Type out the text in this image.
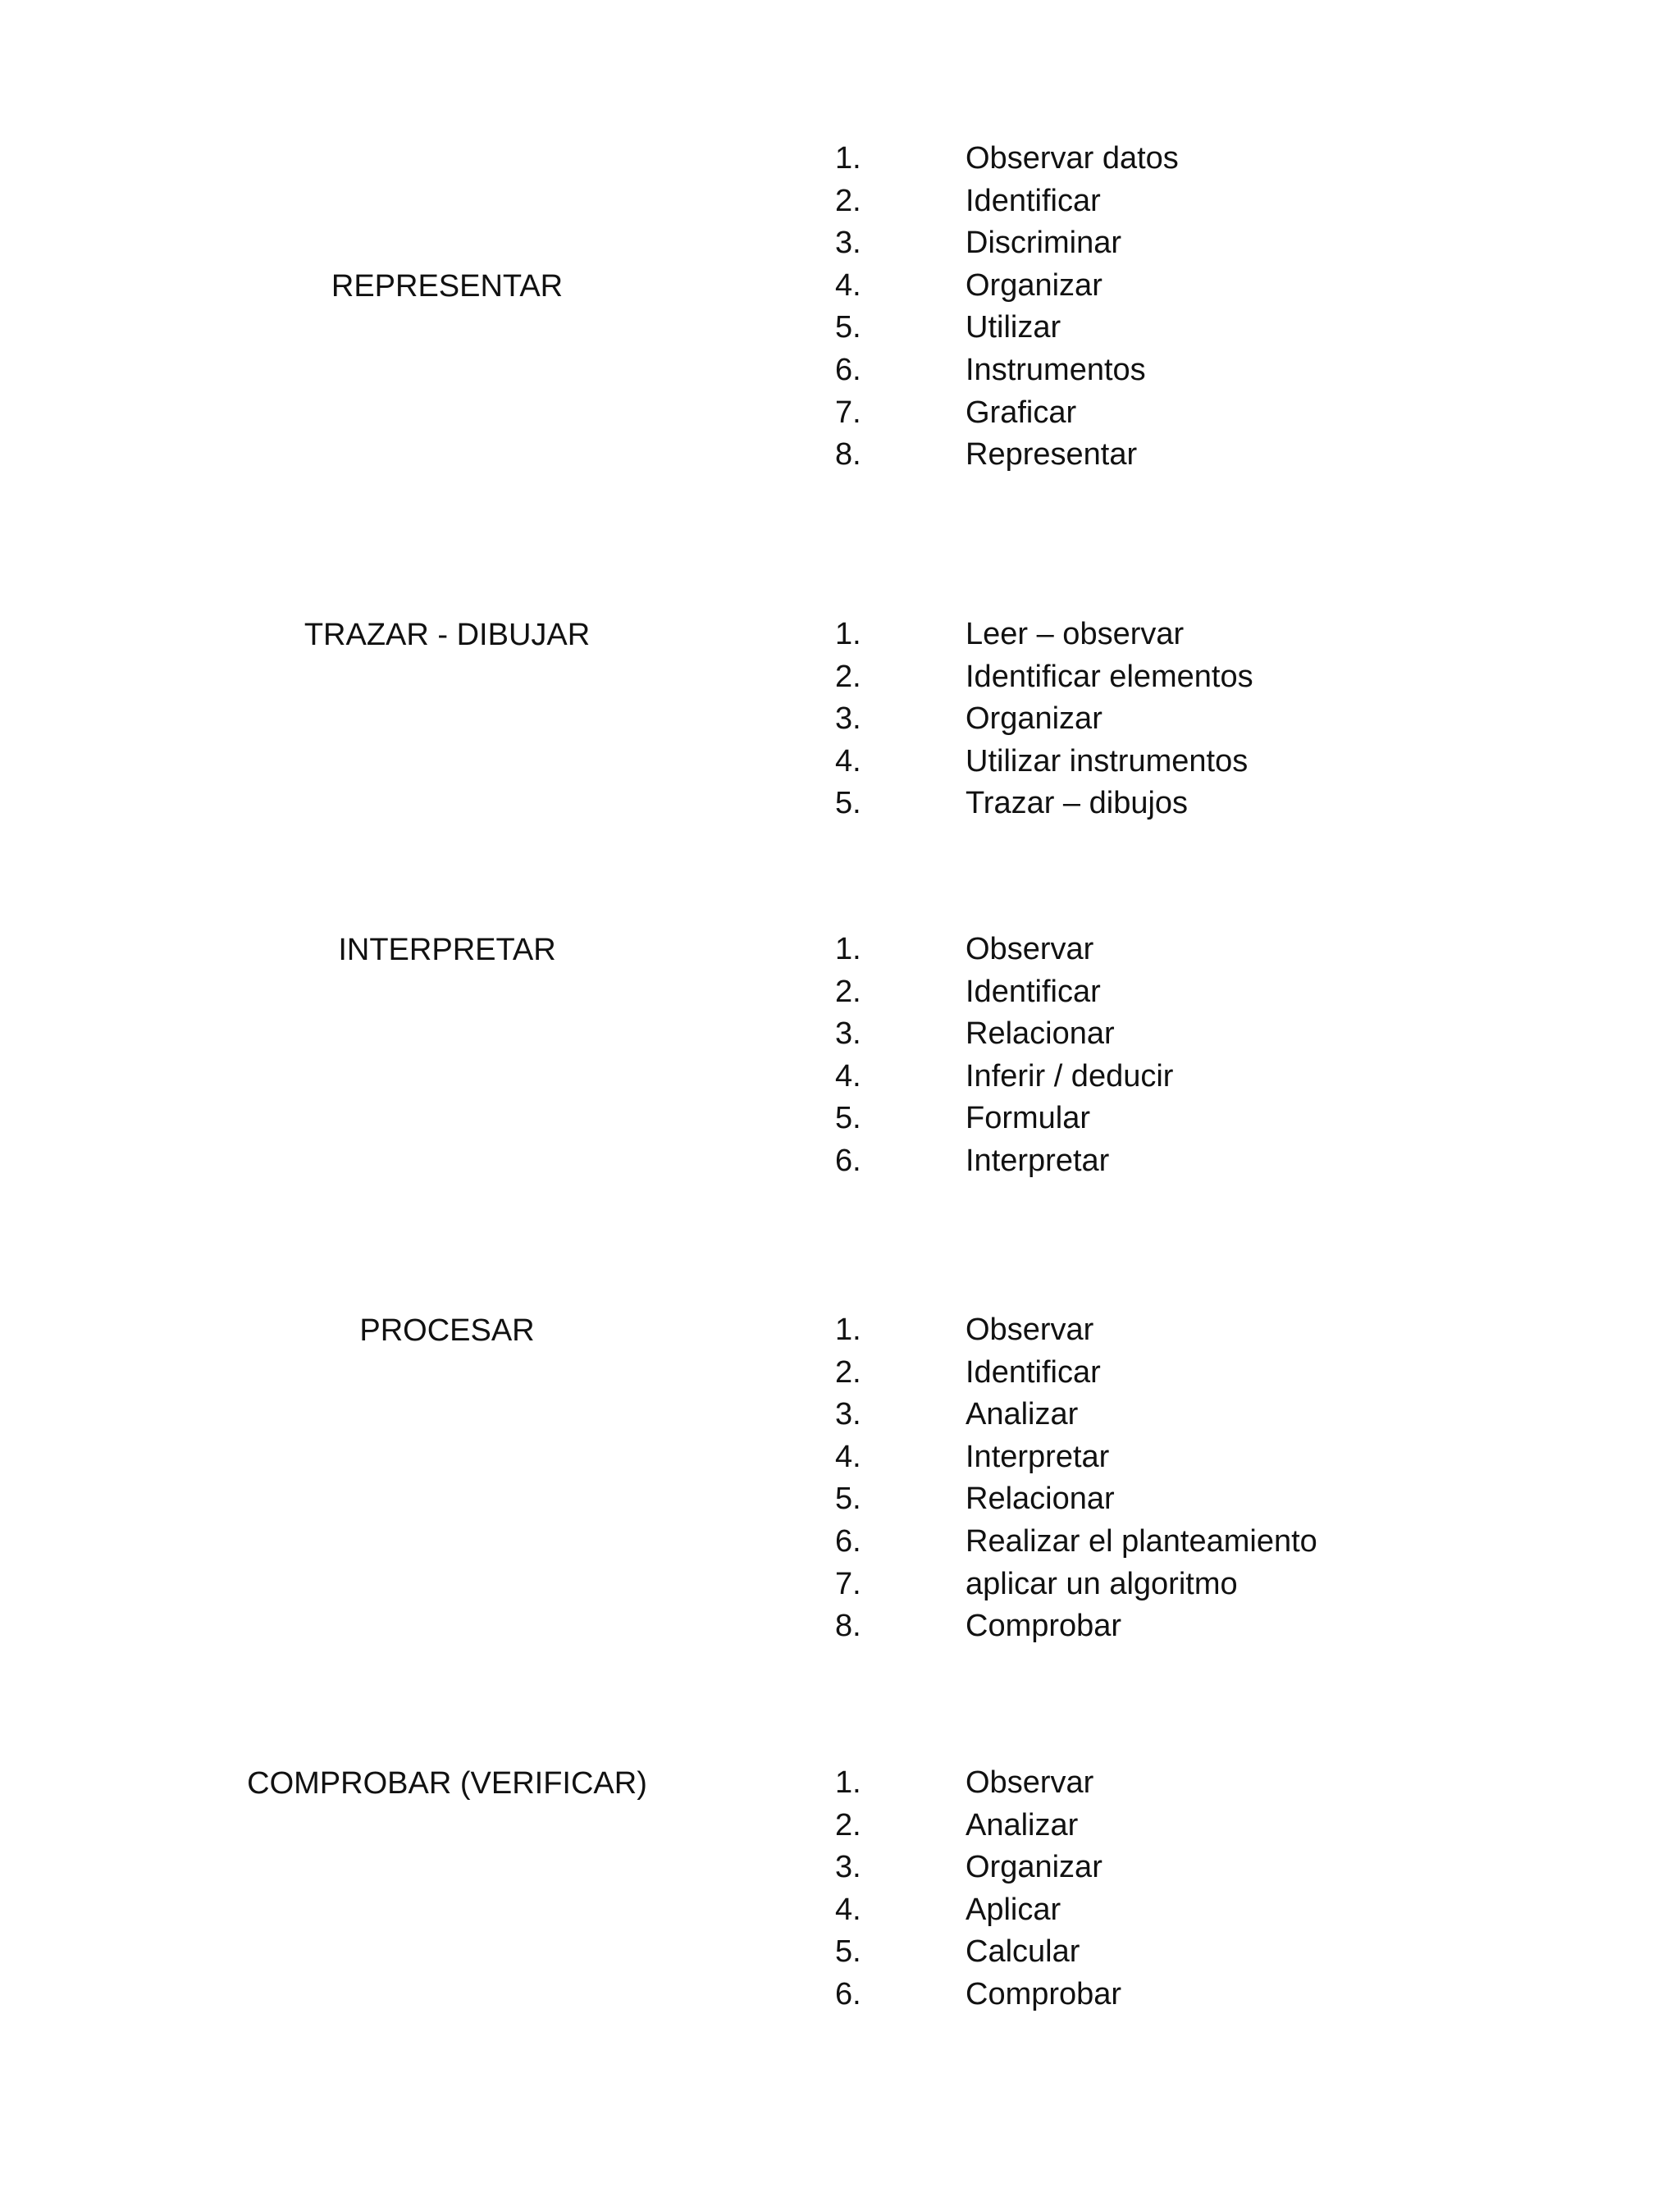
REPRESENTAR
1.	Observar datos
2.	Identificar
3.	Discriminar
4.	Organizar
5.	Utilizar
6.	Instrumentos
7.	Graficar
8.	Representar
TRAZAR - DIBUJAR	1.	Leer – observar
2.	Identificar elementos
3.	Organizar
4.	Utilizar instrumentos
5.	Trazar – dibujos
INTERPRETAR	1.	Observar
2.	Identificar
3.	Relacionar
4.	Inferir / deducir
5.	Formular
6.	Interpretar
PROCESAR	1.	Observar
2.	Identificar
3.	Analizar
4.	Interpretar
5.	Relacionar
6.	Realizar el planteamiento
7.	aplicar un algoritmo
8.	Comprobar
COMPROBAR (VERIFICAR)	1.	Observar
2.	Analizar
3.	Organizar
4.	Aplicar
5.	Calcular
6.	Comprobar
